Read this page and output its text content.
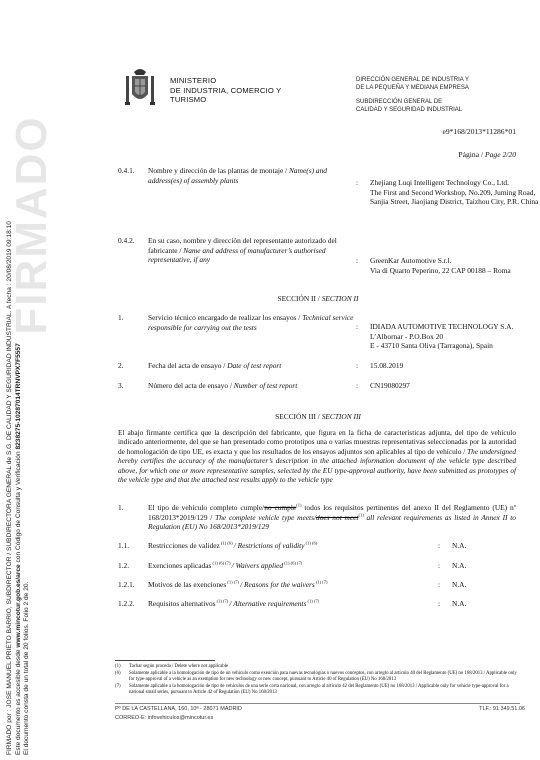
FIRMADO
FIRMADO por : JOSE MANUEL PRIETO BARRIO, SUBDIRECTOR / SUBDIRECTORA GENERAL de S.G. DE CALIDAD Y SEGURIDAD INDUSTRIAL. A fecha : 20/08/2019 09:18:10 Este documento es accesible desde www.mincotur.gob.es/arce con Código de Consulta y Verificación 8238275-10287014TRNVPX7F5557
El documento consta de un total de 20 folios. Folio 2 de 20.
MINISTERIO
DE INDUSTRIA, COMERCIO Y
TURISMO
DIRECCIÓN GENERAL DE INDUSTRIA Y
DE LA PEQUEÑA Y MEDIANA EMPRESA
SUBDIRECCIÓN GENERAL DE
CALIDAD Y SEGURIDAD INDUSTRIAL
e9*168/2013*11286*01
Página / Page 2/20
0.4.1. Nombre y dirección de las plantas de montaje / Name(s) and address(es) of assembly plants	: Zhejiang Luqi Intelligent Technology Co., Ltd.
The First and Second Workshop, No.209, Juming Road, Sanjia Street, Jiaojiang District, Taizhou City, P.R. China
0.4.2. En su caso, nombre y dirección del representante autorizado del fabricante / Name and address of manufacturer’s authorised representative, if any	: GreenKar Automotive S.r.l.
Via di Quarto Peperino, 22 CAP 00188 – Roma
SECCIÓN II / SECTION II
1.	Servicio técnico encargado de realizar los ensayos / Technical service responsible for carrying out the tests	: IDIADA AUTOMOTIVE TECHNOLOGY S.A.
L’Albornar - P.O.Box 20
E - 43710 Santa Oliva (Tarragona), Spain
2.	Fecha del acta de ensayo / Date of test report	: 15.08.2019
3.	Número del acta de ensayo / Number of test report	: CN19080297
SECCIÓN III / SECTION III
El abajo firmante certifica que la descripción del fabricante, que figura en la ficha de características adjunta, del tipo de vehículo indicado anteriormente, del que se han presentado como prototipos una o varias muestras representativas seleccionadas por la autoridad de homologación de tipo UE, es exacta y que los resultados de los ensayos adjuntos son aplicables al tipo de vehículo / The undersigned hereby certifies the accuracy of the manufacturer’s description in the attached information document of the vehicle type described above, for which one or more representative samples, selected by the EU type-approval authority, have been submitted as prototypes of the vehicle type and that the attached test results apply to the vehicle type
1.	El tipo de vehículo completo cumple/no cumple$^{(1)}$ todos los requisitos pertinentes del anexo II del Reglamento (UE) nº 168/2013*2019/129 / The complete vehicle type meets/does not meet$^{(1)}$ all relevant requirements as listed in Annex II to Regulation (EU) No 168/2013*2019/129
1.1.	Restricciones de validez $^{(1) (6)}$ / Restrictions of validity $^{(1) (6)}$	: N.A.
1.2.	Exenciones aplicadas $^{(1) (6) (7)}$ / Waivers applied $^{(1) (6) (7)}$	: N.A.
1.2.1. Motivos de las exenciones $^{(1) (7)}$ / Reasons for the waivers $^{(1) (7)}$	: N.A.
1.2.2. Requisitos alternativos $^{(1) (7)}$ / Alternative requirements $^{(1) (7)}$	: N.A.
(1)	Tachar según proceda / Delete where not applicable
(6)	Solamente aplicable a la homologación de tipo de un vehículo como exención para nuevas tecnologías o nuevos conceptos, con arreglo al artículo 40 del Reglamento (UE) no 168/2013 / Applicable only for type-approval of a vehicle as an exemption for new technology or new concept, pursuant to Article 40 of Regulation (EU) No 168/2013
(7)	Solamente aplicable a la homologación de tipo de vehículos de una serie corta nacional, con arreglo al artículo 42 del Reglamento (UE) no 168/2013 / Applicable only for vehicle type-approval for a national small series, pursuant to Article 42 of Regulation (EU) No 168/2013
Pº DE LA CASTELLANA, 160, 10ª - 28071 MADRID	TLF.: 91 349.51.06
CORREO-E: infovehiculos@mincotur.es
